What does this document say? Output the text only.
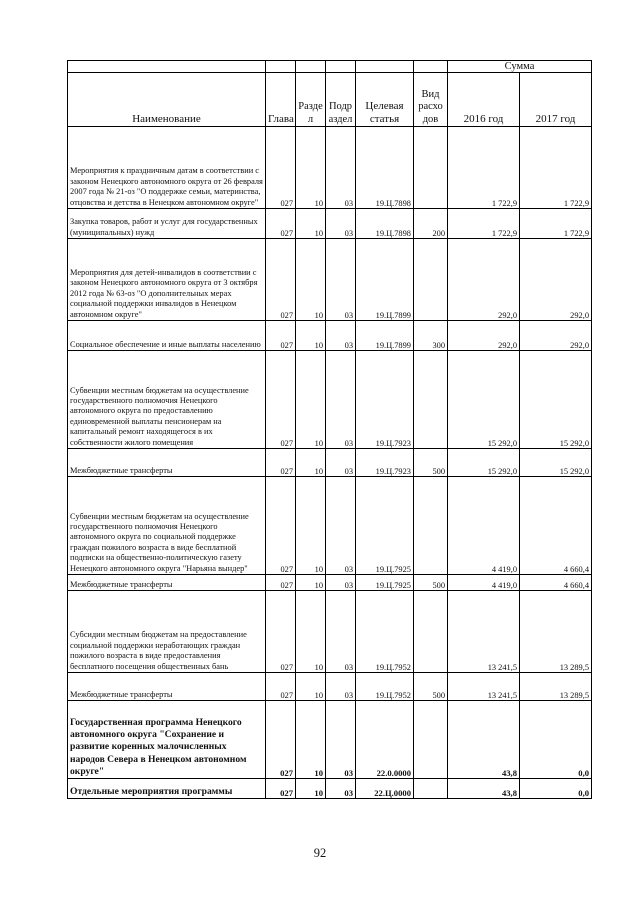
						Сумма	
Наименование	Глава	Разде л	Подр аздел	Целевая статья	Вид расхо дов	2016 год	2017 год
Мероприятия к праздничным датам в соответствии с законом Ненецкого автономного округа от 26 февраля 2007 года № 21-оз "О поддержке семьи, материнства, отцовства и детства в Ненецком автономном округе"	027	10	03	19.Ц.7898		1 722,9	1 722,9
Закупка товаров, работ и услуг для государственных (муниципальных) нужд	027	10	03	19.Ц.7898	200	1 722,9	1 722,9
Мероприятия для детей-инвалидов в соответствии с законом Ненецкого автономного округа от 3 октября 2012 года № 63-оз "О дополнительных мерах социальной поддержки инвалидов в Ненецком автономном округе"	027	10	03	19.Ц.7899		292,0	292,0
Социальное обеспечение и иные выплаты населению	027	10	03	19.Ц.7899	300	292,0	292,0
Субвенции местным бюджетам на осуществление государственного полномочия Ненецкого автономного округа по предоставлению единовременной выплаты пенсионерам на капитальный ремонт находящегося в их собственности жилого помещения	027	10	03	19.Ц.7923		15 292,0	15 292,0
Межбюджетные трансферты	027	10	03	19.Ц.7923	500	15 292,0	15 292,0
Субвенции местным бюджетам на осуществление государственного полномочия Ненецкого автономного округа по социальной поддержке граждан пожилого возраста в виде бесплатной подписки на общественно-политическую газету Ненецкого автономного округа "Нарьяна вындер"	027	10	03	19.Ц.7925		4 419,0	4 660,4
Межбюджетные трансферты	027	10	03	19.Ц.7925	500	4 419,0	4 660,4
Субсидии местным бюджетам на предоставление социальной поддержки неработающих граждан пожилого возраста в виде предоставления бесплатного посещения общественных бань	027	10	03	19.Ц.7952		13 241,5	13 289,5
Межбюджетные трансферты	027	10	03	19.Ц.7952	500	13 241,5	13 289,5
Государственная программа Ненецкого автономного округа "Сохранение и развитие коренных малочисленных народов Севера в Ненецком автономном округе"	027	10	03	22.0.0000		43,8	0,0
Отдельные мероприятия программы	027	10	03	22.Ц.0000		43,8	0,0
92
